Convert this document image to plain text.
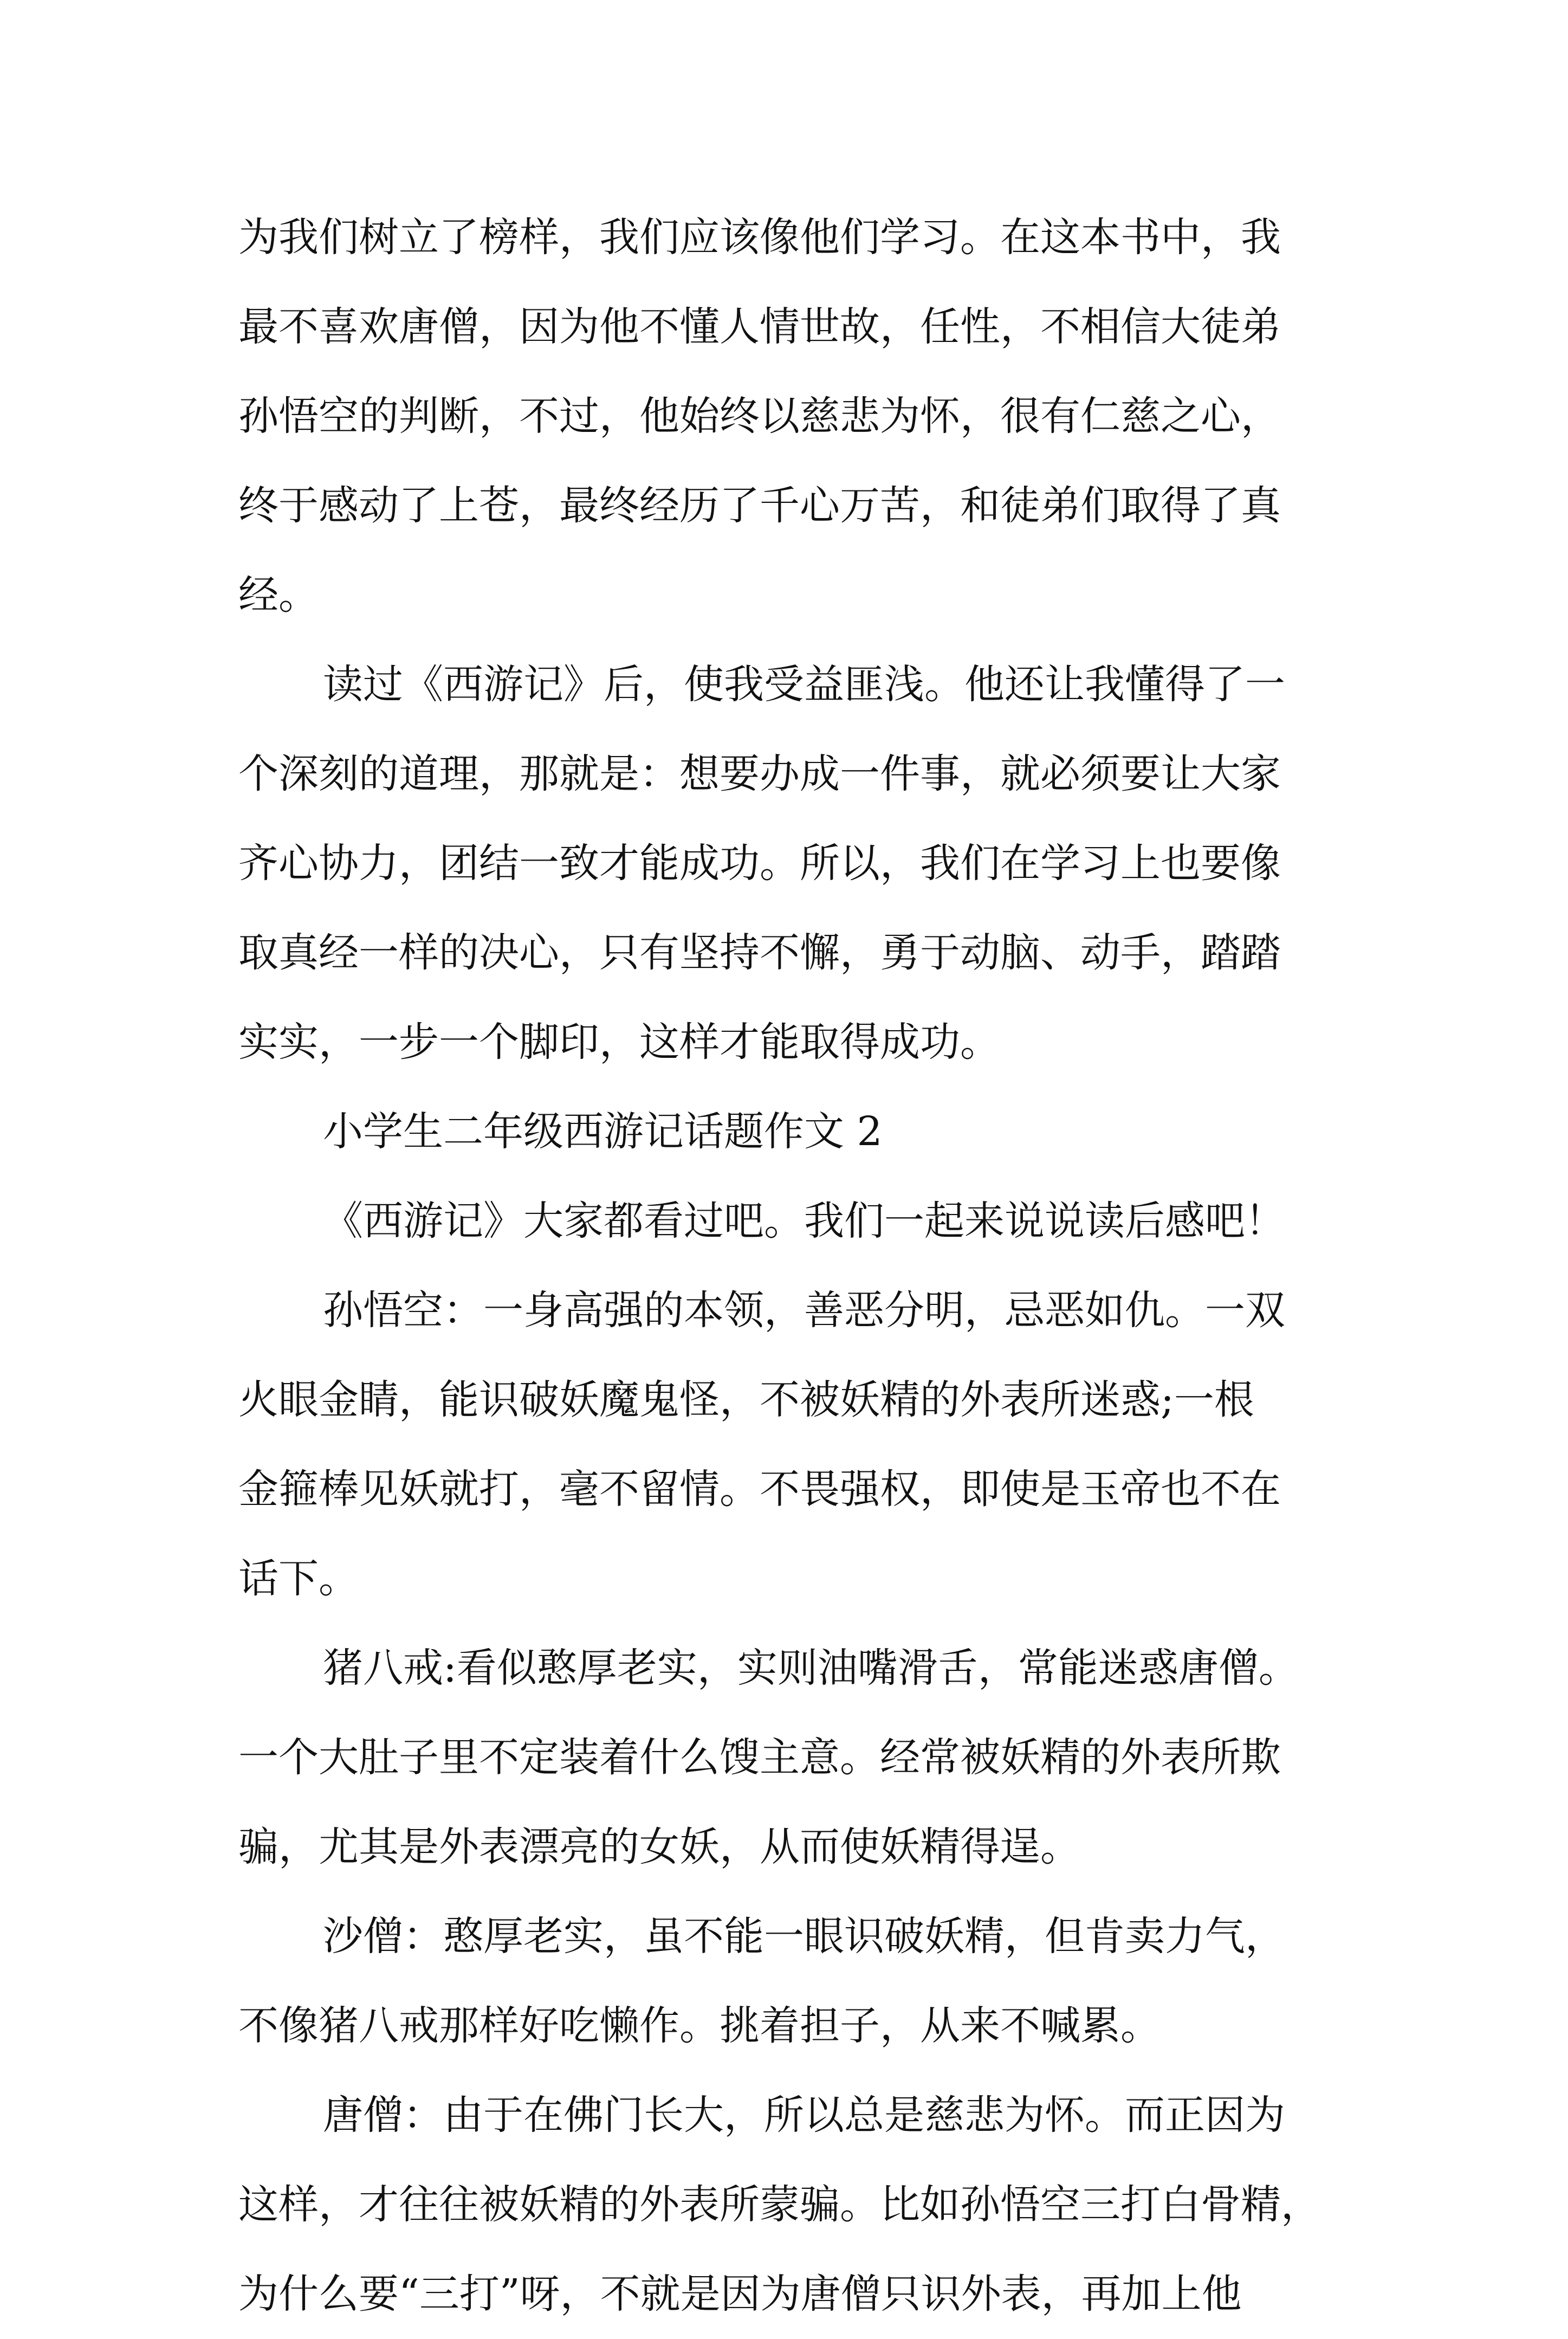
为我们树立了榜样，我们应该像他们学习。在这本书中，我

最不喜欢唐僧，因为他不懂人情世故，任性，不相信大徒弟

孙悟空的判断，不过，他始终以慈悲为怀，很有仁慈之心，

终于感动了上苍，最终经历了千心万苦，和徒弟们取得了真

经。

读过《西游记》后，使我受益匪浅。他还让我懂得了一

个深刻的道理，那就是：想要办成一件事，就必须要让大家

齐心协力，团结一致才能成功。所以，我们在学习上也要像

取真经一样的决心，只有坚持不懈，勇于动脑、动手，踏踏

实实，一步一个脚印，这样才能取得成功。

小学生二年级西游记话题作文 2

《西游记》大家都看过吧。我们一起来说说读后感吧！

孙悟空：一身高强的本领，善恶分明，忌恶如仇。一双

火眼金睛，能识破妖魔鬼怪，不被妖精的外表所迷惑;一根

金箍棒见妖就打，毫不留情。不畏强权，即使是玉帝也不在

话下。

猪八戒:看似憨厚老实，实则油嘴滑舌，常能迷惑唐僧。

一个大肚子里不定装着什么馊主意。经常被妖精的外表所欺

骗，尤其是外表漂亮的女妖，从而使妖精得逞。

沙僧：憨厚老实，虽不能一眼识破妖精，但肯卖力气，

不像猪八戒那样好吃懒作。挑着担子，从来不喊累。

唐僧：由于在佛门长大，所以总是慈悲为怀。而正因为

这样，才往往被妖精的外表所蒙骗。比如孙悟空三打白骨精，

为什么要“三打”呀，不就是因为唐僧只识外表，再加上他
